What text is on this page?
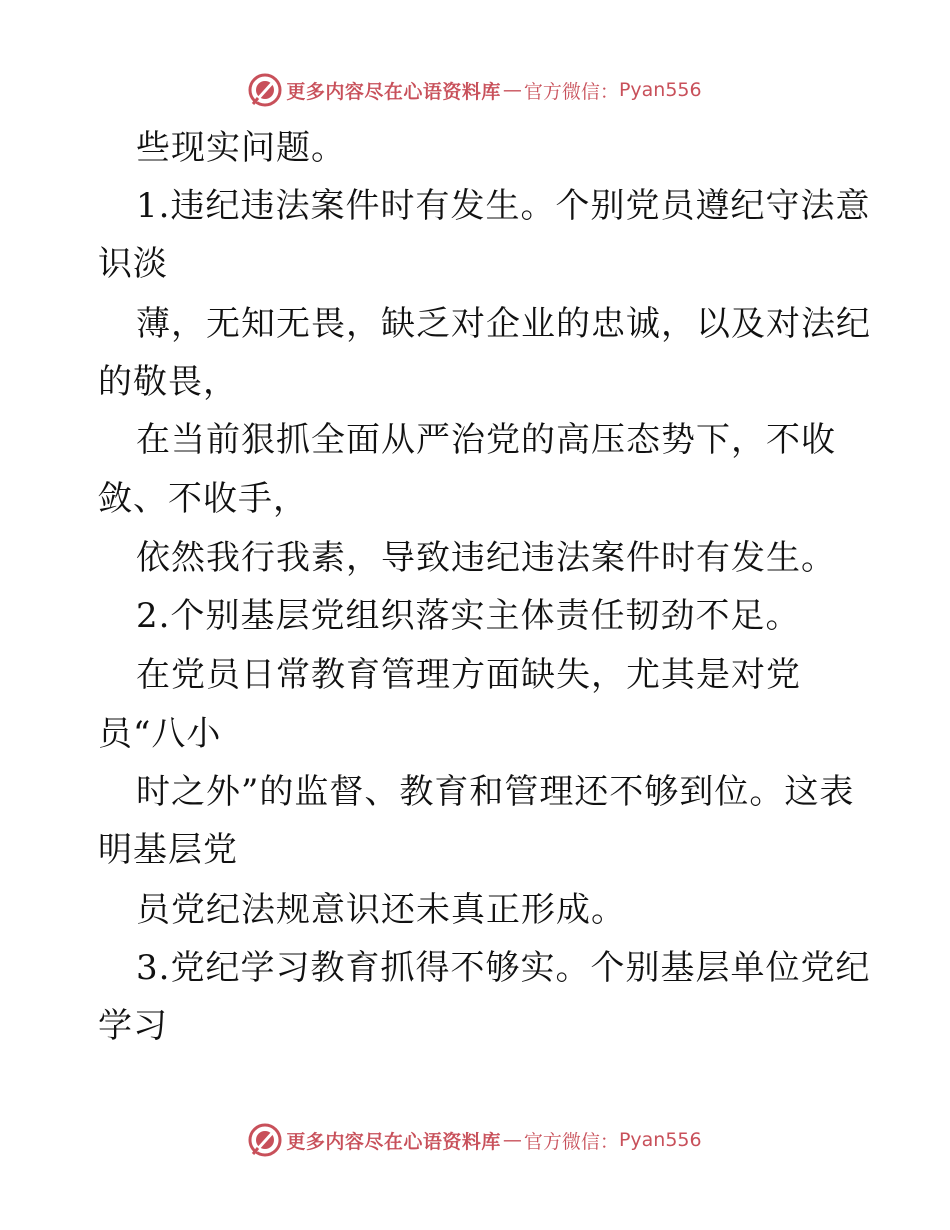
更多内容尽在心语资料库 — 官方微信： Pyan556
些现实问题。
1.违纪违法案件时有发生。个别党员遵纪守法意
识淡
薄，无知无畏，缺乏对企业的忠诚，以及对法纪
的敬畏，
在当前狠抓全面从严治党的高压态势下，不收
敛、不收手，
依然我行我素，导致违纪违法案件时有发生。
2.个别基层党组织落实主体责任韧劲不足。
在党员日常教育管理方面缺失，尤其是对党
员“八小
时之外”的监督、教育和管理还不够到位。这表
明基层党
员党纪法规意识还未真正形成。
3.党纪学习教育抓得不够实。个别基层单位党纪
学习
更多内容尽在心语资料库 — 官方微信： Pyan556
